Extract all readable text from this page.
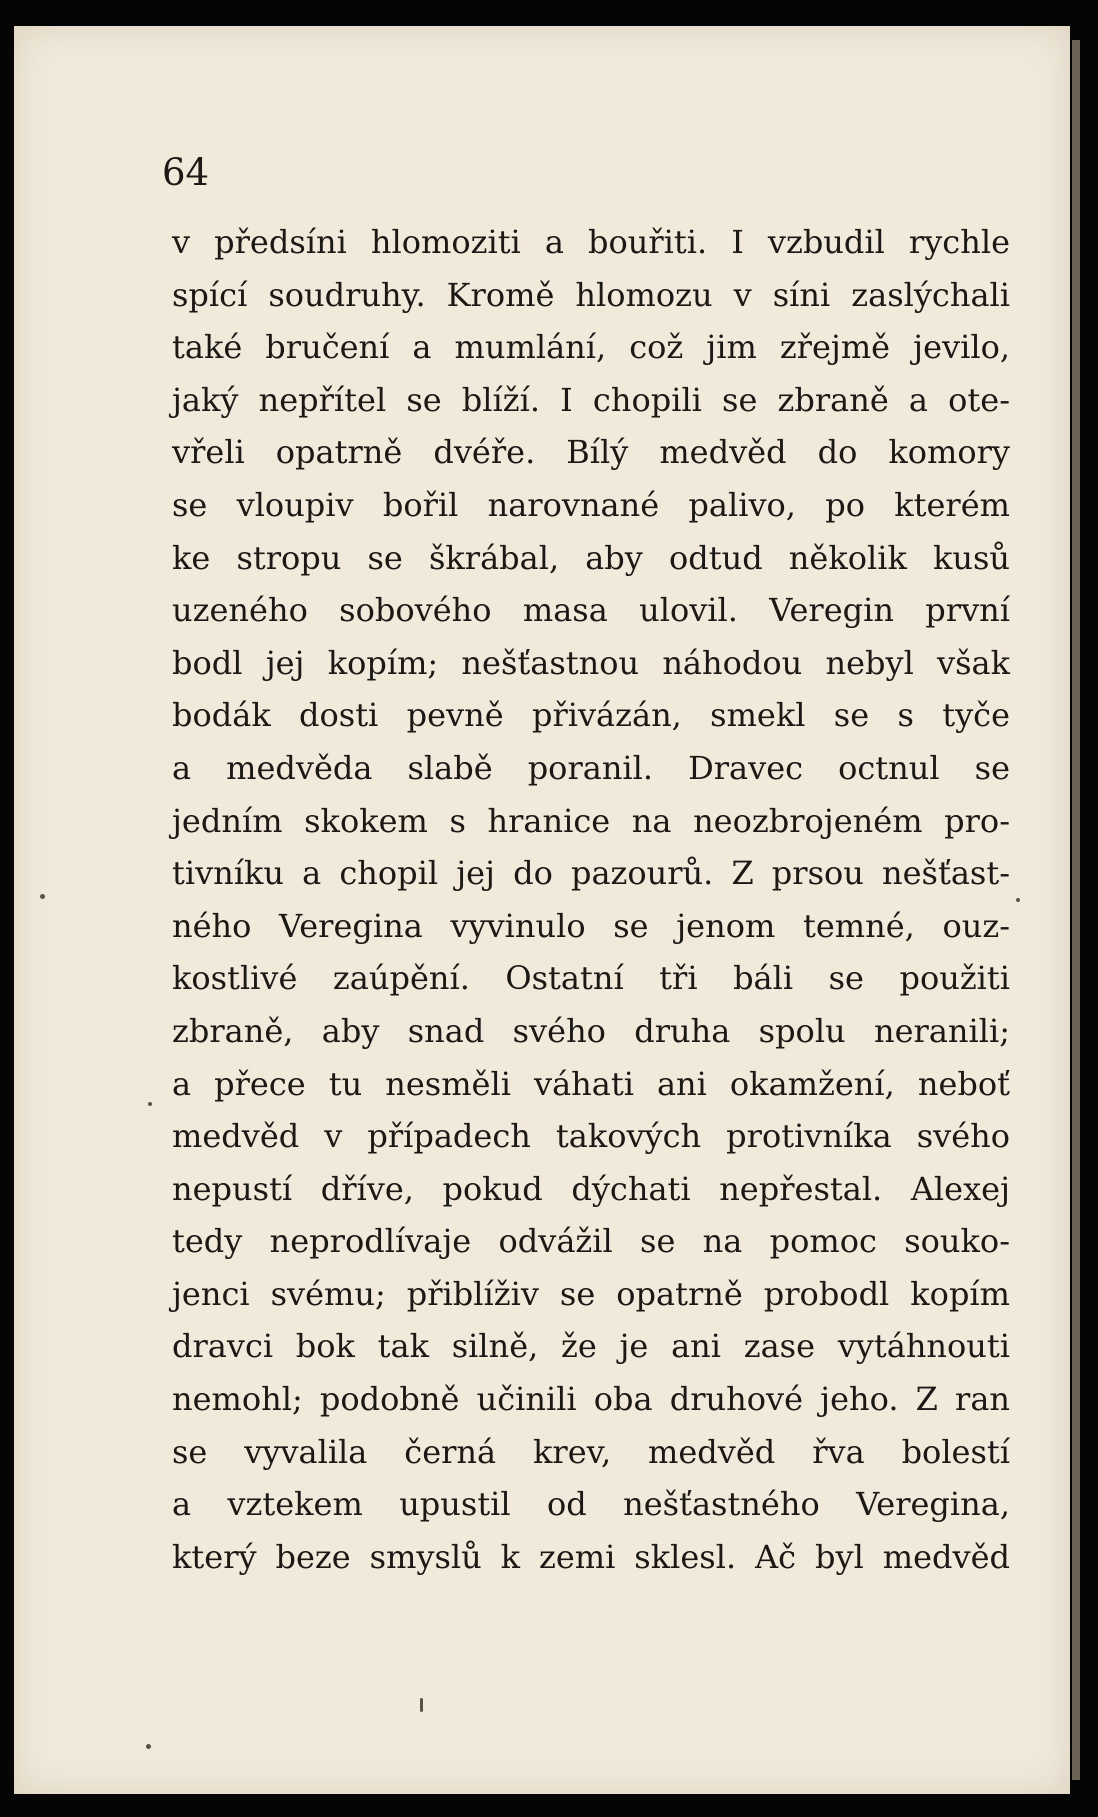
64
v předsíni hlomoziti a bouřiti. I vzbudil rychle
spící soudruhy. Kromě hlomozu v síni zaslýchali
také bručení a mumlání, což jim zřejmě jevilo,
jaký nepřítel se blíží. I chopili se zbraně a ote-
vřeli opatrně dvéře. Bílý medvěd do komory
se vloupiv bořil narovnané palivo, po kterém
ke stropu se škrábal, aby odtud několik kusů
uzeného sobového masa ulovil. Veregin první
bodl jej kopím; nešťastnou náhodou nebyl však
bodák dosti pevně přivázán, smekl se s tyče
a medvěda slabě poranil. Dravec octnul se
jedním skokem s hranice na neozbrojeném pro-
tivníku a chopil jej do pazourů. Z prsou nešťast-
ného Veregina vyvinulo se jenom temné, ouz-
kostlivé zaúpění. Ostatní tři báli se použiti
zbraně, aby snad svého druha spolu neranili;
a přece tu nesměli váhati ani okamžení, neboť
medvěd v případech takových protivníka svého
nepustí dříve, pokud dýchati nepřestal. Alexej
tedy neprodlívaje odvážil se na pomoc souko-
jenci svému; přiblíživ se opatrně probodl kopím
dravci bok tak silně, že je ani zase vytáhnouti
nemohl; podobně učinili oba druhové jeho. Z ran
se vyvalila černá krev, medvěd řva bolestí
a vztekem upustil od nešťastného Veregina,
který beze smyslů k zemi sklesl. Ač byl medvěd
